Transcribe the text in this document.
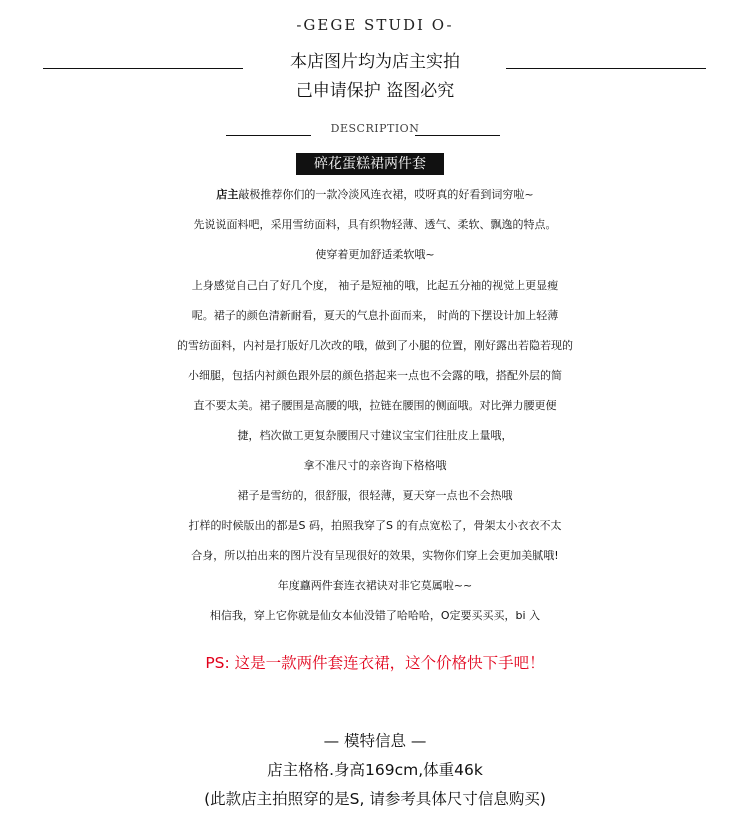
-GEGE STUDI O-
本店图片均为店主实拍
己申请保护 盗图必究
DESCRIPTION
碎花蛋糕裙两件套
店主敲极推荐你们的一款冷淡风连衣裙，哎呀真的好看到词穷啦~
先说说面料吧，采用雪纺面料，具有织物轻薄、透气、柔软、飘逸的特点。
使穿着更加舒适柔软哦~
上身感觉自己白了好几个度， 袖子是短袖的哦，比起五分袖的视觉上更显瘦
呢。裙子的颜色清新耐看，夏天的气息扑面而来， 时尚的下摆设计加上轻薄
的雪纺面料，内衬是打版好几次改的哦，做到了小腿的位置，刚好露出若隐若现的
小细腿，包括内衬颜色跟外层的颜色搭起来一点也不会露的哦，搭配外层的简
直不要太美。裙子腰围是高腰的哦，拉链在腰围的侧面哦。对比弹力腰更便
捷，档次做工更复杂腰围尺寸建议宝宝们往肚皮上量哦，
拿不准尺寸的亲咨询下格格哦
裙子是雪纺的，很舒服，很轻薄，夏天穿一点也不会热哦
打样的时候版出的都是S 码，拍照我穿了S 的有点宽松了，骨架太小衣衣不太
合身，所以拍出来的图片没有呈现很好的效果，实物你们穿上会更加美腻哦!
年度蠤两件套连衣裙诀对非它莫属啦~~
相信我，穿上它你就是仙女本仙没错了哈哈哈，O定要买买买，bi 入
PS: 这是一款两件套连衣裙，这个价格快下手吧！
— 模特信息 —
店主格格.身高169cm,体重46k
(此款店主拍照穿的是S, 请参考具体尺寸信息购买)
